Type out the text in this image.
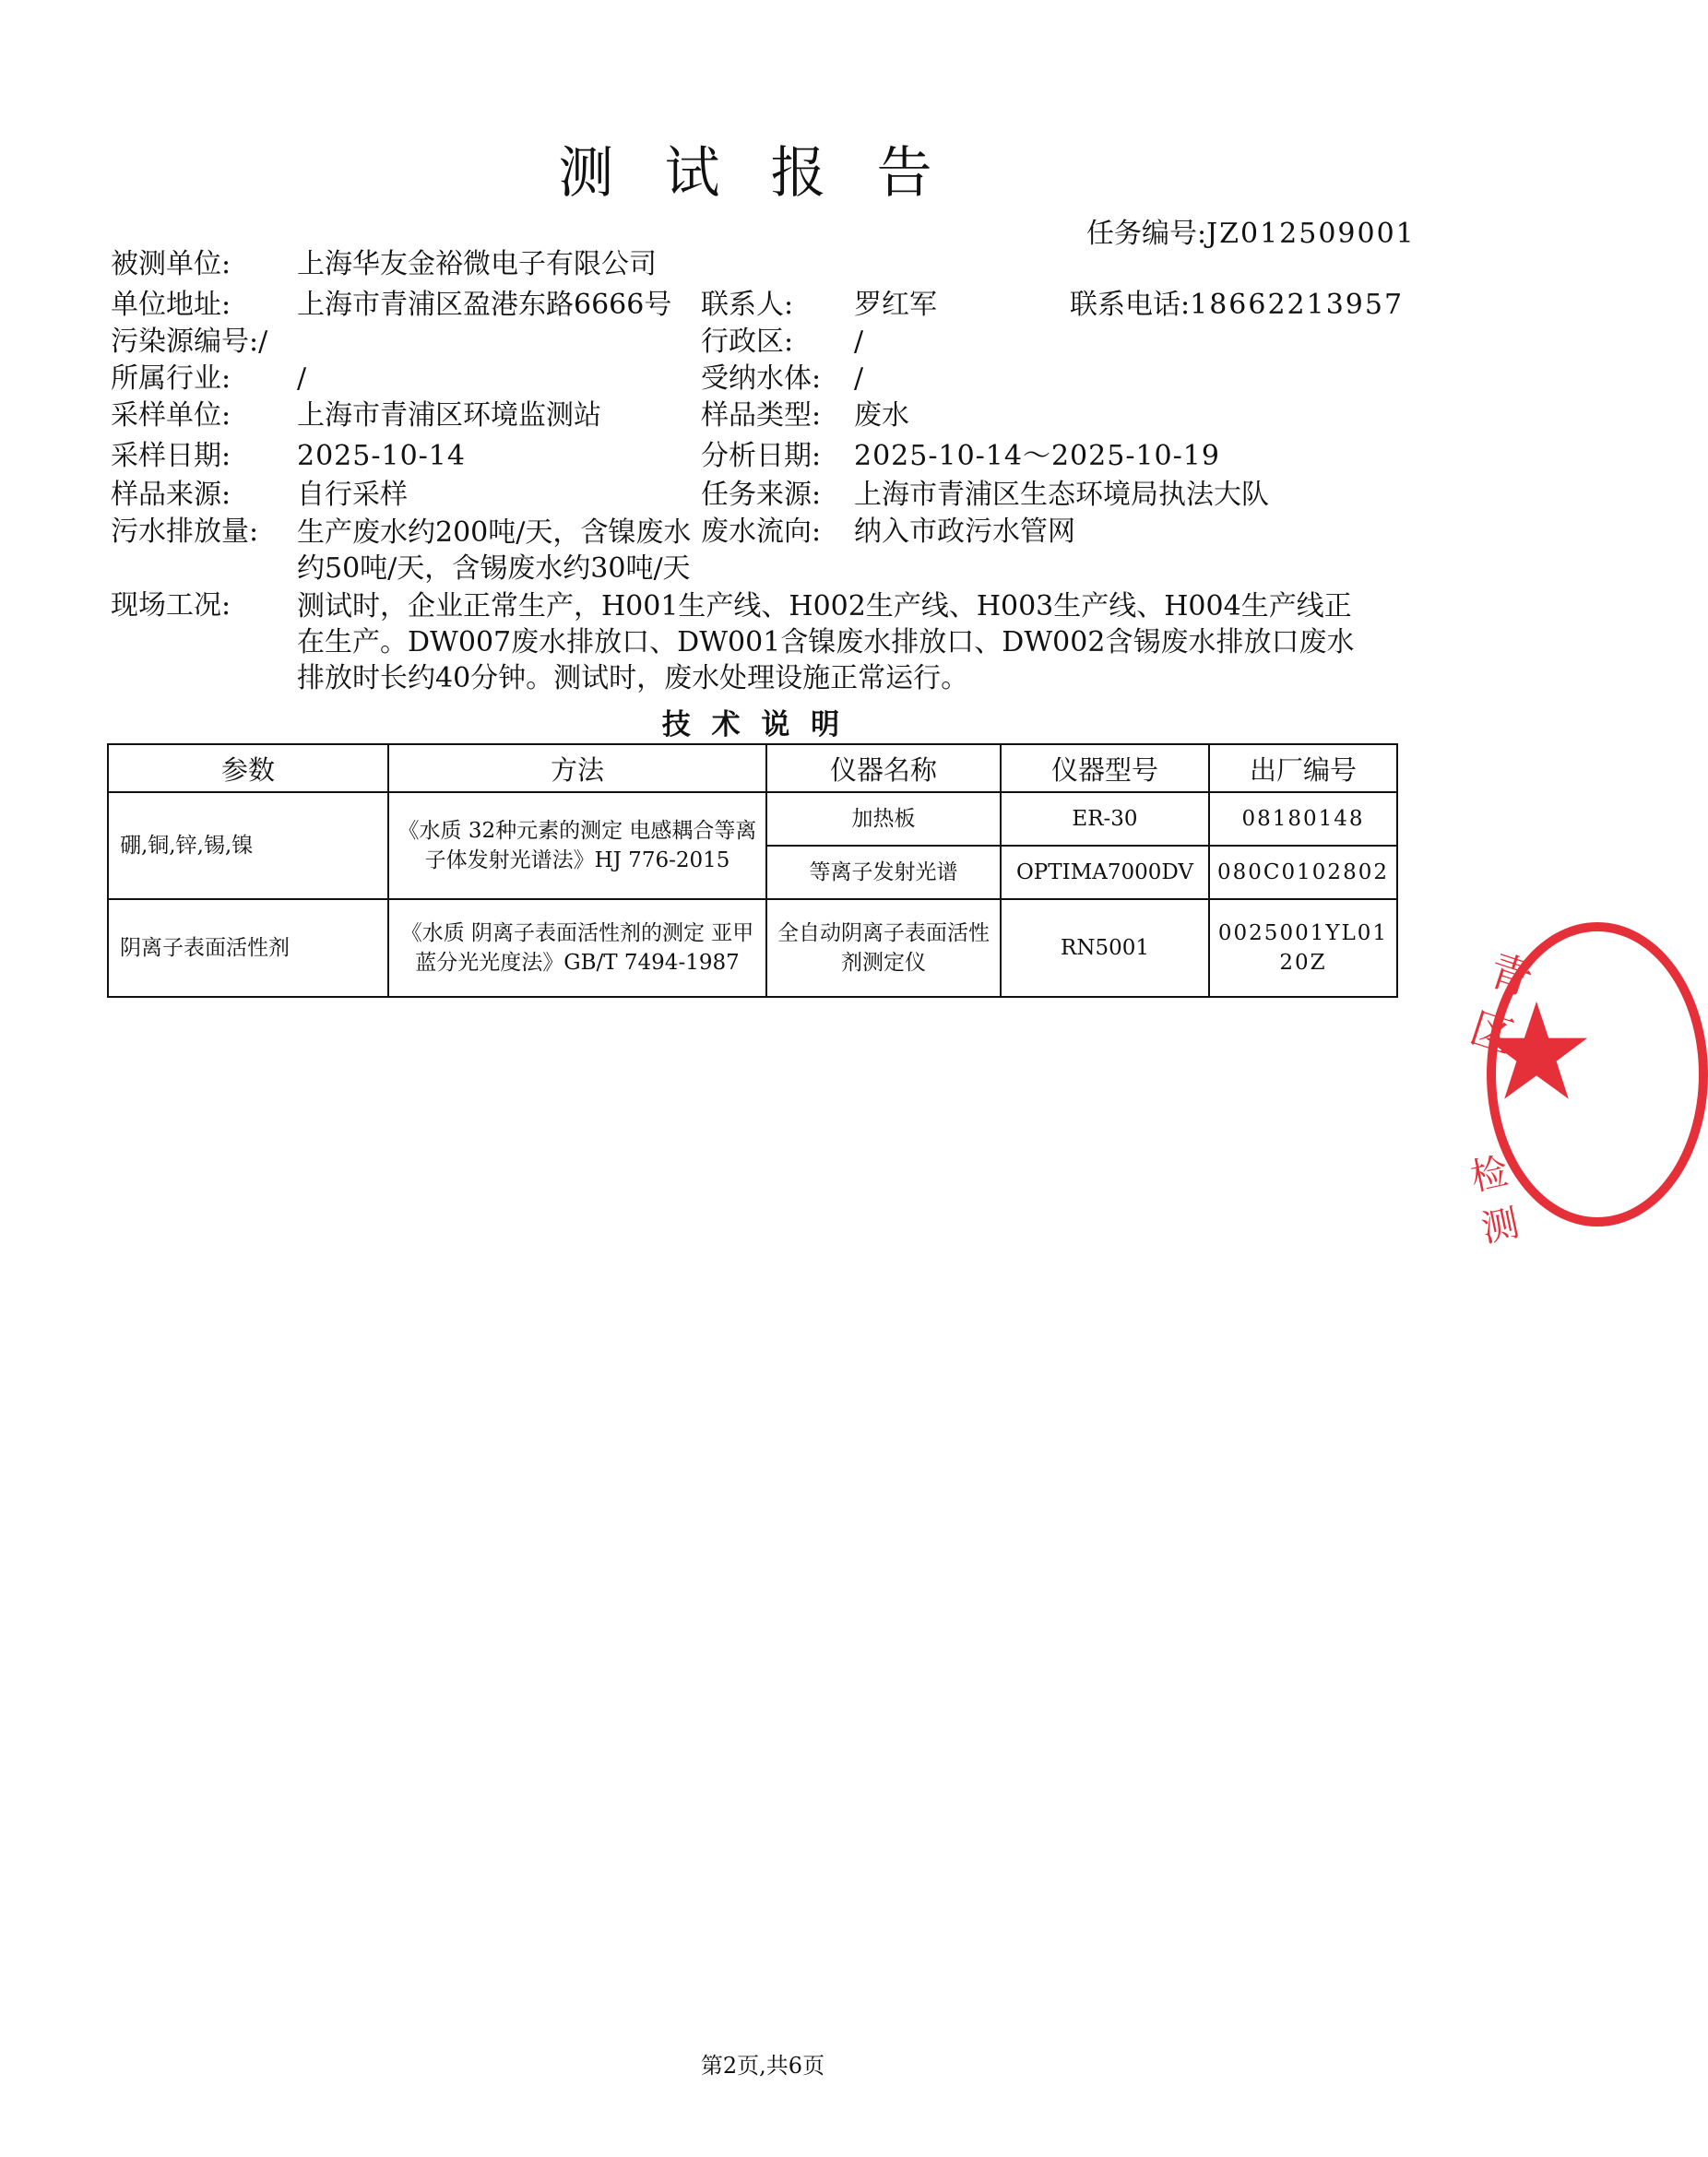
测 试 报 告
任务编号:JZ012509001
被测单位: 上海华友金裕微电子有限公司
单位地址: 上海市青浦区盈港东路6666号 联系人: 罗红军	联系电话:18662213957
污染源编号:/	行政区: /
所属行业: /	受纳水体: /
采样单位: 上海市青浦区环境监测站	样品类型: 废水
采样日期: 2025-10-14	分析日期: 2025-10-14～2025-10-19
样品来源: 自行采样	任务来源: 上海市青浦区生态环境局执法大队
污水排放量: 生产废水约200吨/天，含镍废水约50吨/天，含锡废水约30吨/天
废水流向: 纳入市政污水管网
现场工况: 测试时，企业正常生产，H001生产线、H002生产线、H003生产线、H004生产线正在生产。DW007废水排放口、DW001含镍废水排放口、DW002含锡废水排放口废水排放时长约40分钟。测试时，废水处理设施正常运行。
技 术 说 明
参数	方法	仪器名称	仪器型号	出厂编号
硼,铜,锌,锡,镍	《水质 32种元素的测定 电感耦合等离子体发射光谱法》HJ 776-2015	加热板	ER-30	08180148
		等离子发射光谱	OPTIMA7000DV	080C0102802
阴离子表面活性剂	《水质 阴离子表面活性剂的测定 亚甲蓝分光光度法》GB/T 7494-1987	全自动阴离子表面活性剂测定仪	RN5001	0025001YL0120Z	青区
检测
第2页,共6页
